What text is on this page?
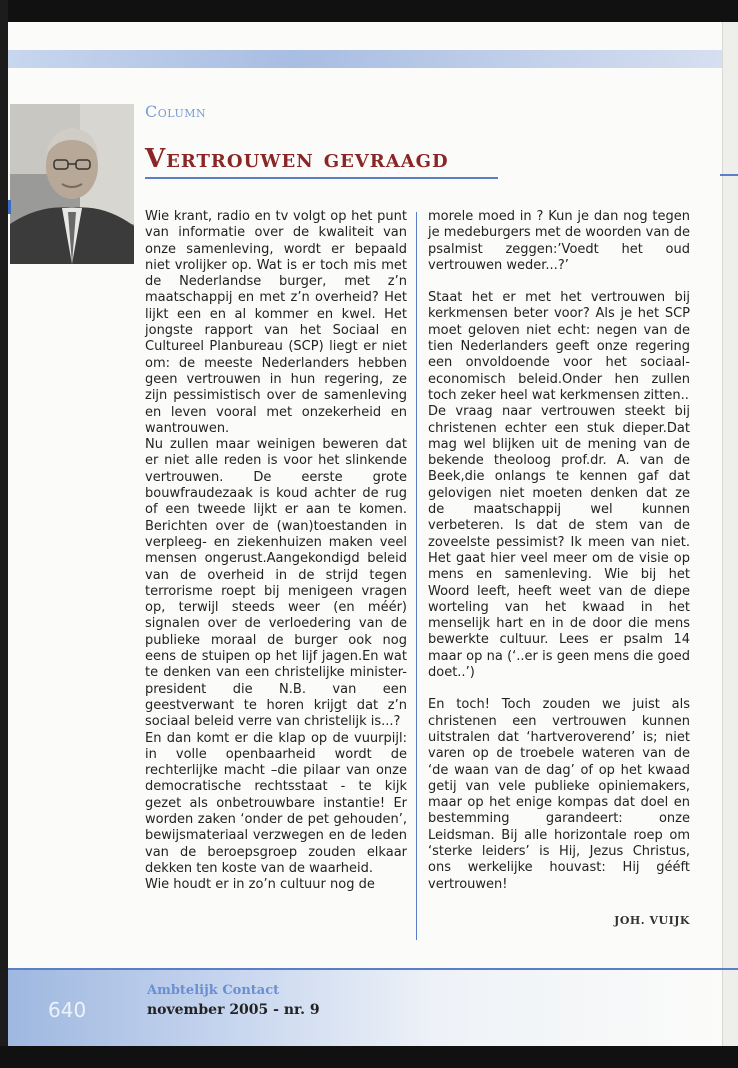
Column
Vertrouwen gevraagd

Wie krant, radio en tv volgt op het punt van informatie over de kwaliteit van onze samenleving, wordt er bepaald niet vrolijker op. Wat is er toch mis met de Nederlandse burger, met z’n maatschappij en met z’n overheid? Het lijkt een en al kommer en kwel. Het jongste rapport van het Sociaal en Cultureel Planbureau (SCP) liegt er niet om: de meeste Nederlanders hebben geen vertrouwen in hun regering, ze zijn pessimistisch over de samenleving en leven vooral met onzekerheid en wantrouwen.

Nu zullen maar weinigen beweren dat er niet alle reden is voor het slinkende vertrouwen. De eerste grote bouwfraudezaak is koud achter de rug of een tweede lijkt er aan te komen. Berichten over de (wan)toestanden in verpleeg- en ziekenhuizen maken veel mensen ongerust.Aangekondigd beleid van de overheid in de strijd tegen terrorisme roept bij menigeen vragen op, terwijl steeds weer (en méér) signalen over de verloedering van de publieke moraal de burger ook nog eens de stuipen op het lijf jagen.En wat te denken van een christelijke minister-president die N.B. van een geestverwant te horen krijgt dat z’n sociaal beleid verre van christelijk is...?

En dan komt er die klap op de vuurpijl: in volle openbaarheid wordt de rechterlijke macht –die pilaar van onze democratische rechtsstaat - te kijk gezet als onbetrouwbare instantie! Er worden zaken ‘onder de pet gehouden’, bewijsmateriaal verzwegen en de leden van de beroepsgroep zouden elkaar dekken ten koste van de waarheid.

Wie houdt er in zo’n cultuur nog de

morele moed in ? Kun je dan nog tegen je medeburgers met de woorden van de psalmist zeggen:’Voedt het oud vertrouwen weder...?’

Staat het er met het vertrouwen bij kerkmensen beter voor? Als je het SCP moet geloven niet echt: negen van de tien Nederlanders geeft onze regering een onvoldoende voor het sociaal- economisch beleid.Onder hen zullen toch zeker heel wat kerkmensen zitten..

De vraag naar vertrouwen steekt bij christenen echter een stuk dieper.Dat mag wel blijken uit de mening van de bekende theoloog prof.dr. A. van de Beek,die onlangs te kennen gaf dat gelovigen niet moeten denken dat ze de maatschappij wel kunnen verbeteren. Is dat de stem van de zoveelste pessimist? Ik meen van niet. Het gaat hier veel meer om de visie op mens en samenleving. Wie bij het Woord leeft, heeft weet van de diepe worteling van het kwaad in het menselijk hart en in de door die mens bewerkte cultuur. Lees er psalm 14 maar op na (‘..er is geen mens die goed doet..’)

En toch! Toch zouden we juist als christenen een vertrouwen kunnen uitstralen dat ‘hartveroverend’ is; niet varen op de troebele wateren van de ‘de waan van de dag’ of op het kwaad getij van vele publieke opiniemakers, maar op het enige kompas dat doel en bestemming garandeert: onze Leidsman. Bij alle horizontale roep om ‘sterke leiders’ is Hij, Jezus Christus, ons werkelijke houvast: Hij gééft vertrouwen!

JOH. VUIJK
640
Ambtelijk Contact
november 2005 - nr. 9
